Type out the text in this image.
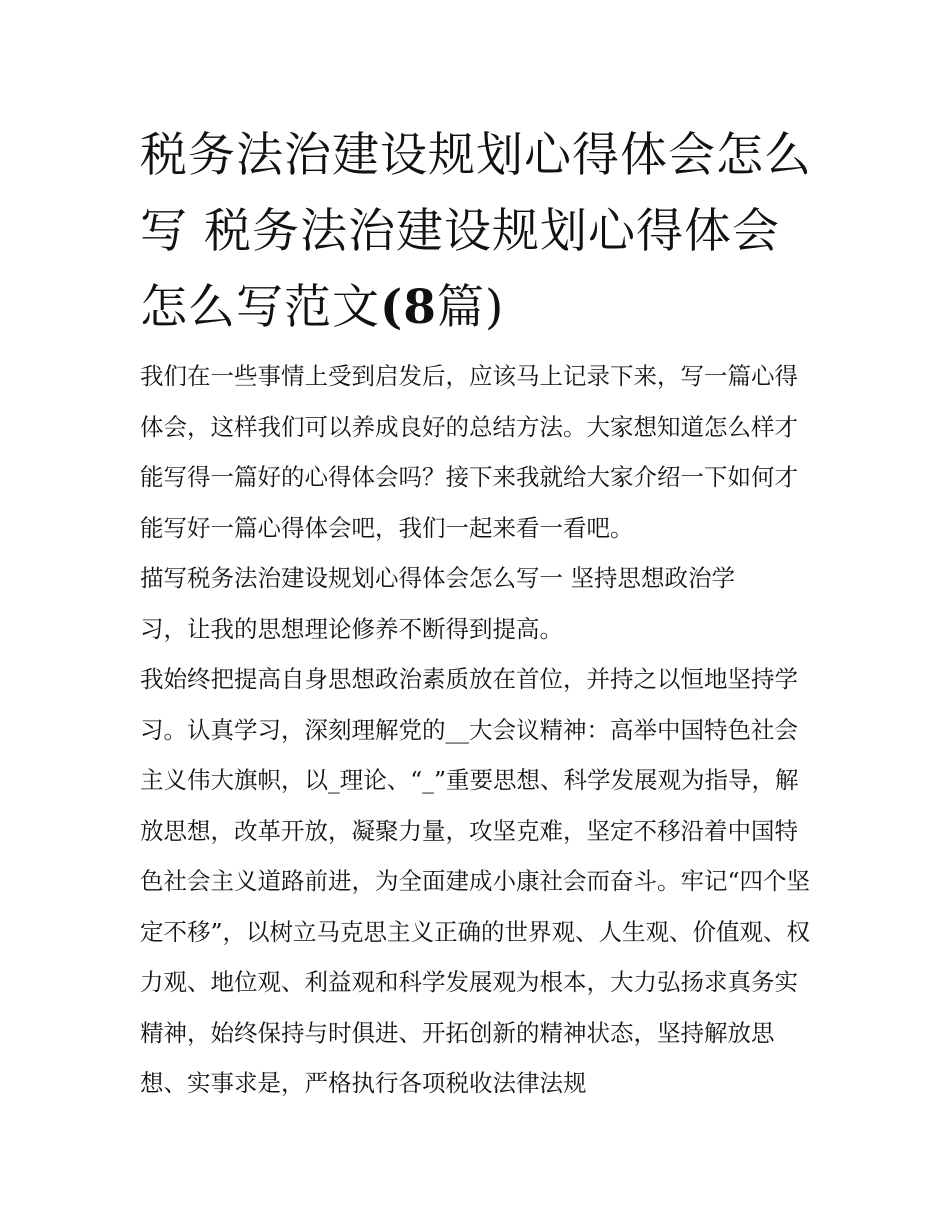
税务法治建设规划心得体会怎么写 税务法治建设规划心得体会怎么写范文(8篇)

我们在一些事情上受到启发后，应该马上记录下来，写一篇心得体会，这样我们可以养成良好的总结方法。大家想知道怎么样才能写得一篇好的心得体会吗？接下来我就给大家介绍一下如何才能写好一篇心得体会吧，我们一起来看一看吧。

描写税务法治建设规划心得体会怎么写一 坚持思想政治学习，让我的思想理论修养不断得到提高。

我始终把提高自身思想政治素质放在首位，并持之以恒地坚持学习。认真学习，深刻理解党的__大会议精神：高举中国特色社会主义伟大旗帜，以_理论、“_”重要思想、科学发展观为指导，解放思想，改革开放，凝聚力量，攻坚克难，坚定不移沿着中国特色社会主义道路前进，为全面建成小康社会而奋斗。牢记“四个坚定不移”，以树立马克思主义正确的世界观、人生观、价值观、权力观、地位观、利益观和科学发展观为根本，大力弘扬求真务实精神，始终保持与时俱进、开拓创新的精神状态，坚持解放思想、实事求是，严格执行各项税收法律法规
